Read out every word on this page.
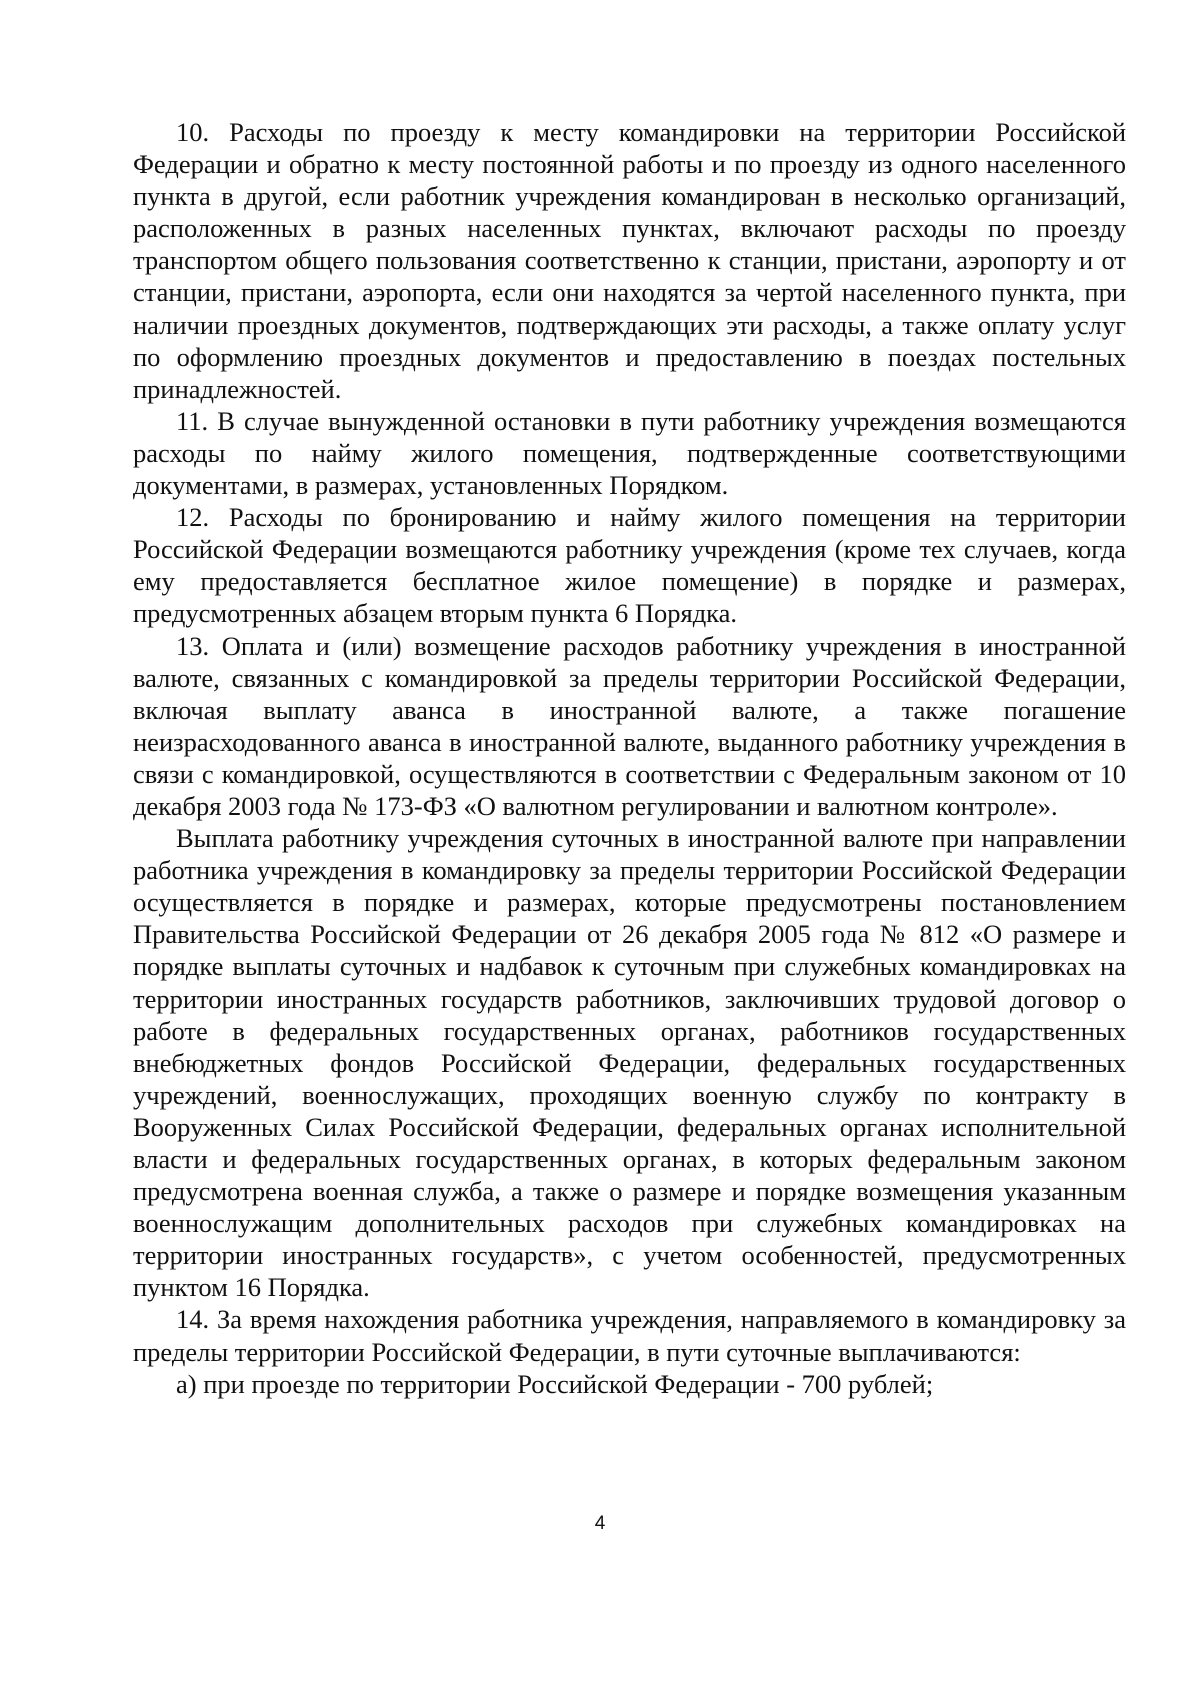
10. Расходы по проезду к месту командировки на территории Российской Федерации и обратно к месту постоянной работы и по проезду из одного населенного пункта в другой, если работник учреждения командирован в несколько организаций, расположенных в разных населенных пунктах, включают расходы по проезду транспортом общего пользования соответственно к станции, пристани, аэропорту и от станции, пристани, аэропорта, если они находятся за чертой населенного пункта, при наличии проездных документов, подтверждающих эти расходы, а также оплату услуг по оформлению проездных документов и предоставлению в поездах постельных принадлежностей.

11. В случае вынужденной остановки в пути работнику учреждения возмещаются расходы по найму жилого помещения, подтвержденные соответствующими документами, в размерах, установленных Порядком.

12. Расходы по бронированию и найму жилого помещения на территории Российской Федерации возмещаются работнику учреждения (кроме тех случаев, когда ему предоставляется бесплатное жилое помещение) в порядке и размерах, предусмотренных абзацем вторым пункта 6 Порядка.

13. Оплата и (или) возмещение расходов работнику учреждения в иностранной валюте, связанных с командировкой за пределы территории Российской Федерации, включая выплату аванса в иностранной валюте, а также погашение неизрасходованного аванса в иностранной валюте, выданного работнику учреждения в связи с командировкой, осуществляются в соответствии с Федеральным законом от 10 декабря 2003 года № 173-ФЗ «О валютном регулировании и валютном контроле».

Выплата работнику учреждения суточных в иностранной валюте при направлении работника учреждения в командировку за пределы территории Российской Федерации осуществляется в порядке и размерах, которые предусмотрены постановлением Правительства Российской Федерации от 26 декабря 2005 года № 812 «О размере и порядке выплаты суточных и надбавок к суточным при служебных командировках на территории иностранных государств работников, заключивших трудовой договор о работе в федеральных государственных органах, работников государственных внебюджетных фондов Российской Федерации, федеральных государственных учреждений, военнослужащих, проходящих военную службу по контракту в Вооруженных Силах Российской Федерации, федеральных органах исполнительной власти и федеральных государственных органах, в которых федеральным законом предусмотрена военная служба, а также о размере и порядке возмещения указанным военнослужащим дополнительных расходов при служебных командировках на территории иностранных государств», с учетом особенностей, предусмотренных пунктом 16 Порядка.

14. За время нахождения работника учреждения, направляемого в командировку за пределы территории Российской Федерации, в пути суточные выплачиваются:

а) при проезде по территории Российской Федерации - 700 рублей;

4
